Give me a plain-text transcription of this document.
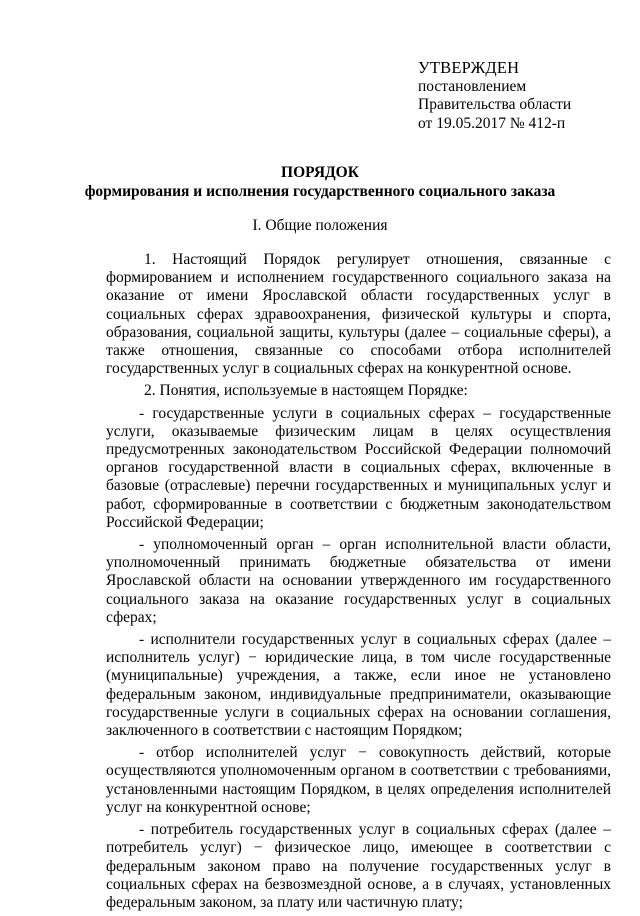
УТВЕРЖДЕН
постановлением
Правительства области
от 19.05.2017 № 412-п
ПОРЯДОК
формирования и исполнения государственного социального заказа
I. Общие положения

1. Настоящий Порядок регулирует отношения, связанные с формированием и исполнением государственного социального заказа на оказание от имени Ярославской области государственных услуг в социальных сферах здравоохранения, физической культуры и спорта, образования, социальной защиты, культуры (далее – социальные сферы), а также отношения, связанные со способами отбора исполнителей государственных услуг в социальных сферах на конкурентной основе.

2. Понятия, используемые в настоящем Порядке:

- государственные услуги в социальных сферах – государственные услуги, оказываемые физическим лицам в целях осуществления предусмотренных законодательством Российской Федерации полномочий органов государственной власти в социальных сферах, включенные в базовые (отраслевые) перечни государственных и муниципальных услуг и работ, сформированные в соответствии с бюджетным законодательством Российской Федерации;

- уполномоченный орган – орган исполнительной власти области, уполномоченный принимать бюджетные обязательства от имени Ярославской области на основании утвержденного им государственного социального заказа на оказание государственных услуг в социальных сферах;

- исполнители государственных услуг в социальных сферах (далее – исполнитель услуг) − юридические лица, в том числе государственные (муниципальные) учреждения, а также, если иное не установлено федеральным законом, индивидуальные предприниматели, оказывающие государственные услуги в социальных сферах на основании соглашения, заключенного в соответствии с настоящим Порядком;

- отбор исполнителей услуг − совокупность действий, которые осуществляются уполномоченным органом в соответствии с требованиями, установленными настоящим Порядком, в целях определения исполнителей услуг на конкурентной основе;

- потребитель государственных услуг в социальных сферах (далее – потребитель услуг) − физическое лицо, имеющее в соответствии с федеральным законом право на получение государственных услуг в социальных сферах на безвозмездной основе, а в случаях, установленных федеральным законом, за плату или частичную плату;
